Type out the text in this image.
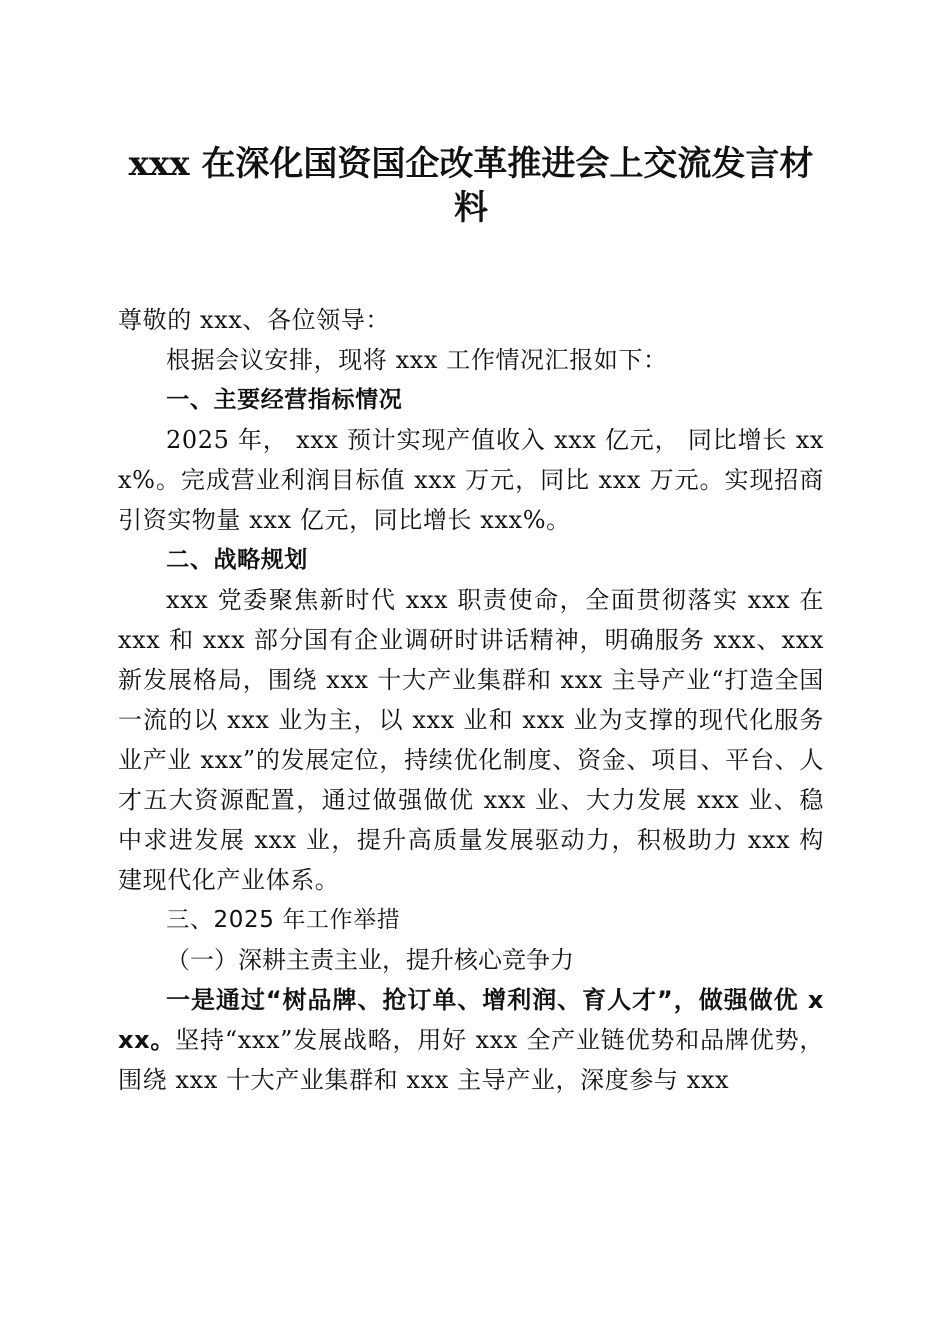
xxx 在深化国资国企改革推进会上交流发言材料

尊敬的 xxx、各位领导：

根据会议安排，现将 xxx 工作情况汇报如下：

一、主要经营指标情况

2025 年， xxx 预计实现产值收入 xxx 亿元， 同比增长 xxx%。完成营业利润目标值 xxx 万元，同比 xxx 万元。实现招商引资实物量 xxx 亿元，同比增长 xxx%。

二、战略规划

xxx 党委聚焦新时代 xxx 职责使命，全面贯彻落实 xxx 在 xxx 和 xxx 部分国有企业调研时讲话精神，明确服务 xxx、xxx 新发展格局，围绕 xxx 十大产业集群和 xxx 主导产业“打造全国一流的以 xxx 业为主，以 xxx 业和 xxx 业为支撑的现代化服务业产业 xxx”的发展定位，持续优化制度、资金、项目、平台、人才五大资源配置，通过做强做优 xxx 业、大力发展 xxx 业、稳中求进发展 xxx 业，提升高质量发展驱动力，积极助力 xxx 构建现代化产业体系。

三、2025 年工作举措

（一）深耕主责主业，提升核心竞争力

一是通过“树品牌、抢订单、增利润、育人才”，做强做优 xxx。坚持“xxx”发展战略，用好 xxx 全产业链优势和品牌优势，围绕 xxx 十大产业集群和 xxx 主导产业，深度参与 xxx
